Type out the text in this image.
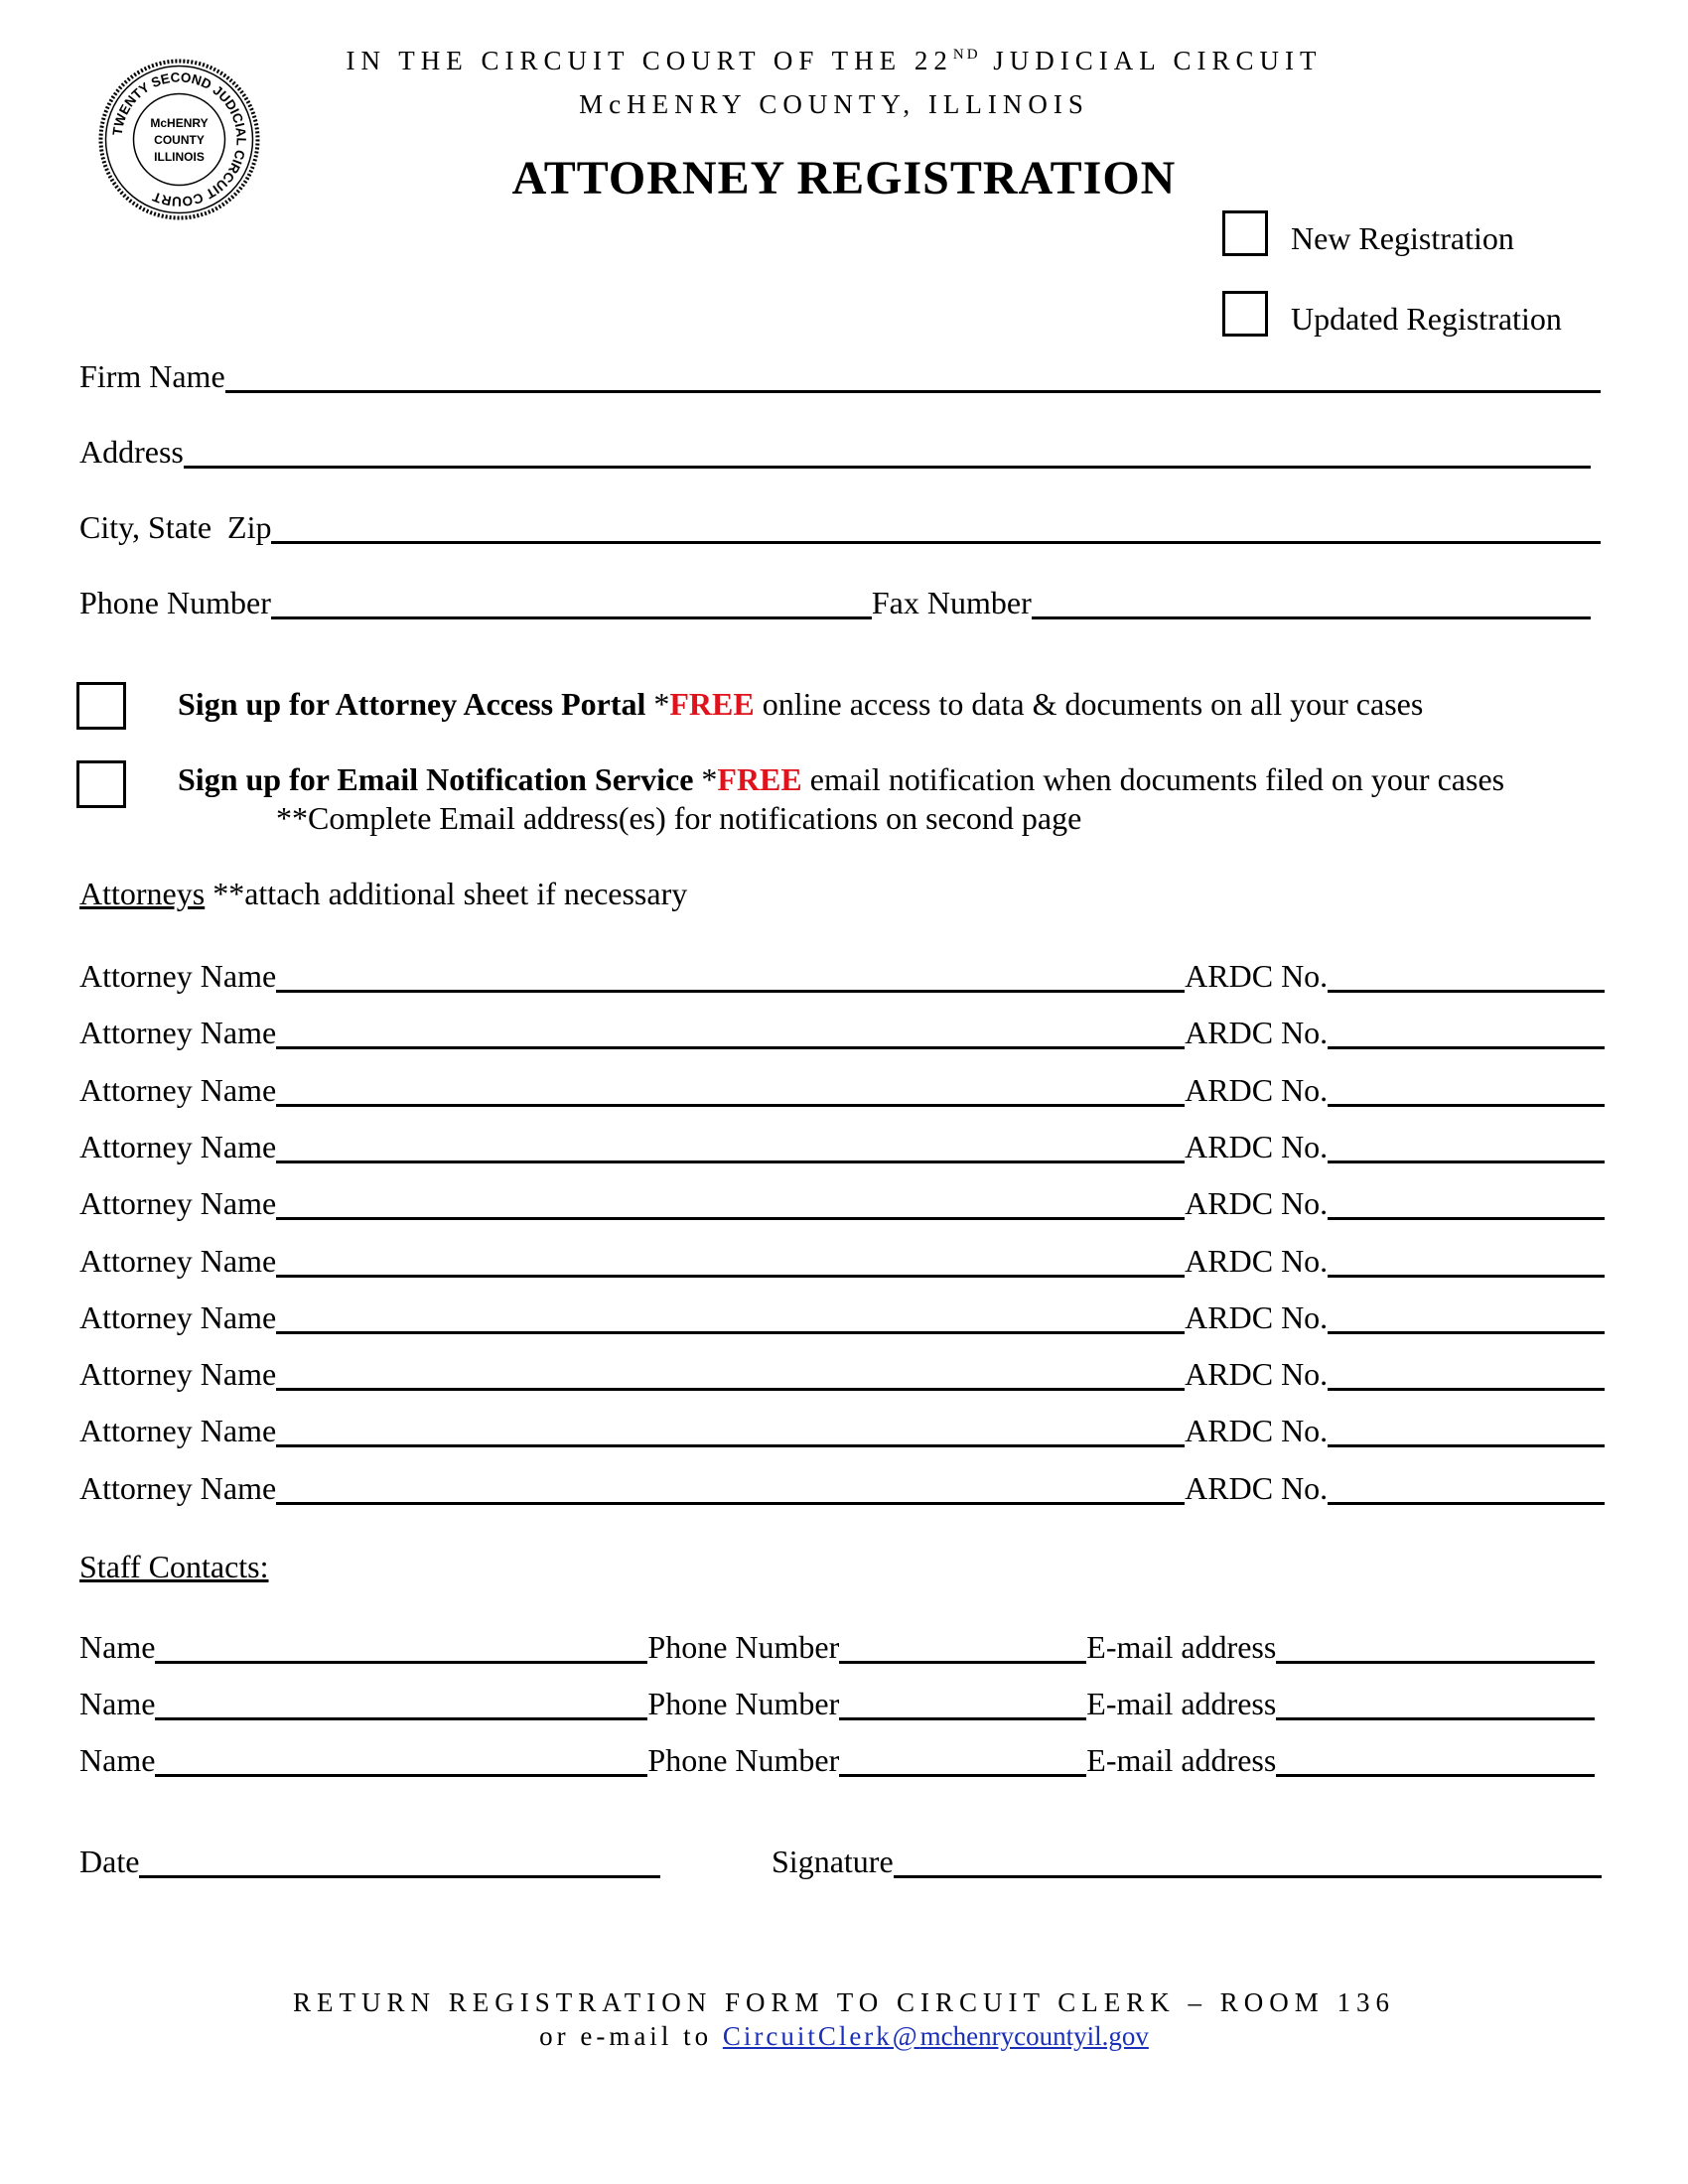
TWENTY SECOND JUDICIAL CIRCUIT COURT
McHENRY
COUNTY
ILLINOIS
IN THE CIRCUIT COURT OF THE 22ND JUDICIAL CIRCUIT
McHENRY COUNTY, ILLINOIS
ATTORNEY REGISTRATION
New Registration
Updated Registration
Firm Name
Address
City, State  Zip
Phone Number	Fax Number
Sign up for Attorney Access Portal *FREE online access to data & documents on all your cases
Sign up for Email Notification Service *FREE email notification when documents filed on your cases
**Complete Email address(es) for notifications on second page
Attorneys **attach additional sheet if necessary
Attorney Name	ARDC No.
Attorney Name	ARDC No.
Attorney Name	ARDC No.
Attorney Name	ARDC No.
Attorney Name	ARDC No.
Attorney Name	ARDC No.
Attorney Name	ARDC No.
Attorney Name	ARDC No.
Attorney Name	ARDC No.
Attorney Name	ARDC No.
Staff Contacts:
Name	Phone Number	E-mail address
Name	Phone Number	E-mail address
Name	Phone Number	E-mail address
Date	Signature
RETURN REGISTRATION FORM TO CIRCUIT CLERK – ROOM 136
or e-mail to CircuitClerk@mchenrycountyil.gov
